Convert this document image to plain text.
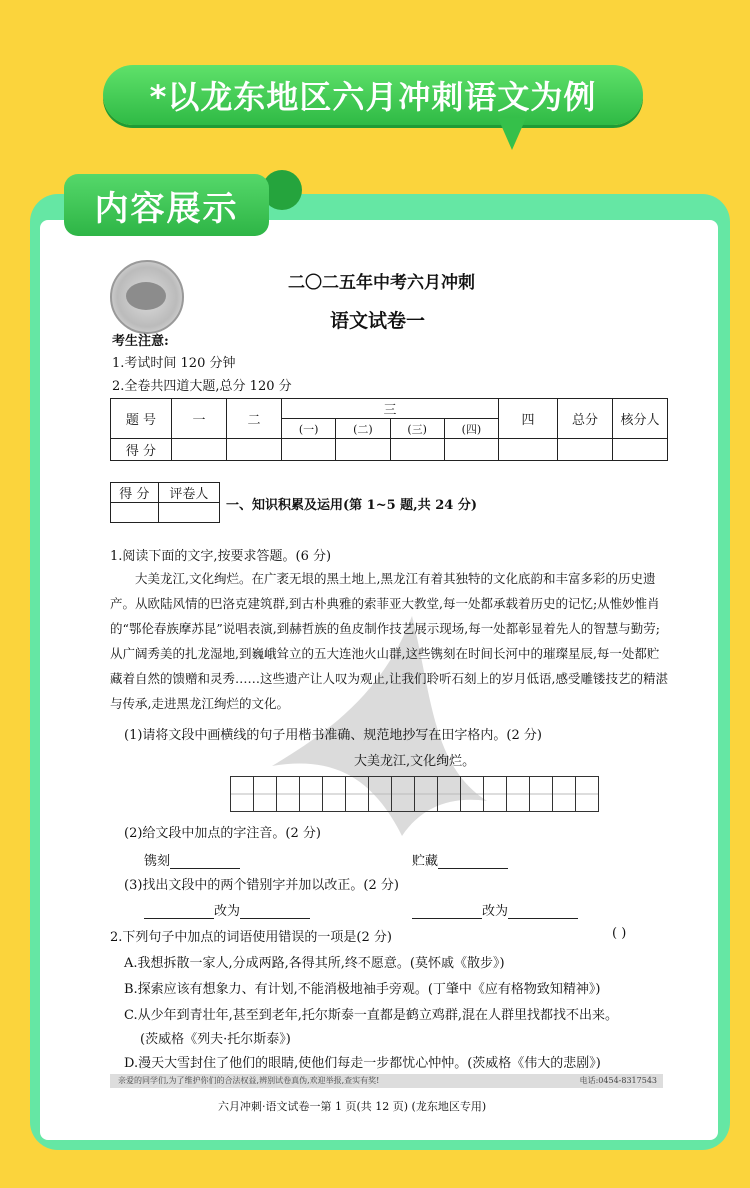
*以龙东地区六月冲刺语文为例
二〇二五年中考六月冲刺
语文试卷一
考生注意:
1.考试时间 120 分钟
2.全卷共四道大题,总分 120 分
题 号	一	二	三				四	总分	核分人
			(一)	(二)	(三)	(四)			
得 分									
得 分	评卷人

一、知识积累及运用(第 1~5 题,共 24 分)
1.阅读下面的文字,按要求答题。(6 分)
大美龙江,文化绚烂。在广袤无垠的黑土地上,黑龙江有着其独特的文化底韵和丰富多彩的历史遗产。从欧陆风情的巴洛克建筑群,到古朴典雅的索菲亚大教堂,每一处都承载着历史的记忆;从惟妙惟肖的“鄂伦春族摩苏昆”说唱表演,到赫哲族的鱼皮制作技艺展示现场,每一处都彰显着先人的智慧与勤劳;从广阔秀美的扎龙湿地,到巍峨耸立的五大连池火山群,这些镌刻在时间长河中的璀璨星辰,每一处都贮藏着自然的馈赠和灵秀……这些遗产让人叹为观止,让我们聆听石刻上的岁月低语,感受雕镂技艺的精湛与传承,走进黑龙江绚烂的文化。
(1)请将文段中画横线的句子用楷书准确、规范地抄写在田字格内。(2 分)
大美龙江,文化绚烂。
(2)给文段中加点的字注音。(2 分)
镌刻	贮藏
(3)找出文段中的两个错别字并加以改正。(2 分)
改为	改为
2.下列句子中加点的词语使用错误的一项是(2 分)	( )
A.我想拆散一家人,分成两路,各得其所,终不愿意。(莫怀戚《散步》)
B.探索应该有想象力、有计划,不能消极地袖手旁观。(丁肇中《应有格物致知精神》)
C.从少年到青壮年,甚至到老年,托尔斯泰一直都是鹤立鸡群,混在人群里找都找不出来。
(茨威格《列夫·托尔斯泰》)
D.漫天大雪封住了他们的眼睛,使他们每走一步都忧心忡忡。(茨威格《伟大的悲剧》)
亲爱的同学们,为了维护你们的合法权益,辨别试卷真伪,欢迎举报,查实有奖!	电话:0454-8317543
六月冲刺·语文试卷一第 1 页(共 12 页) (龙东地区专用)
内容展示
